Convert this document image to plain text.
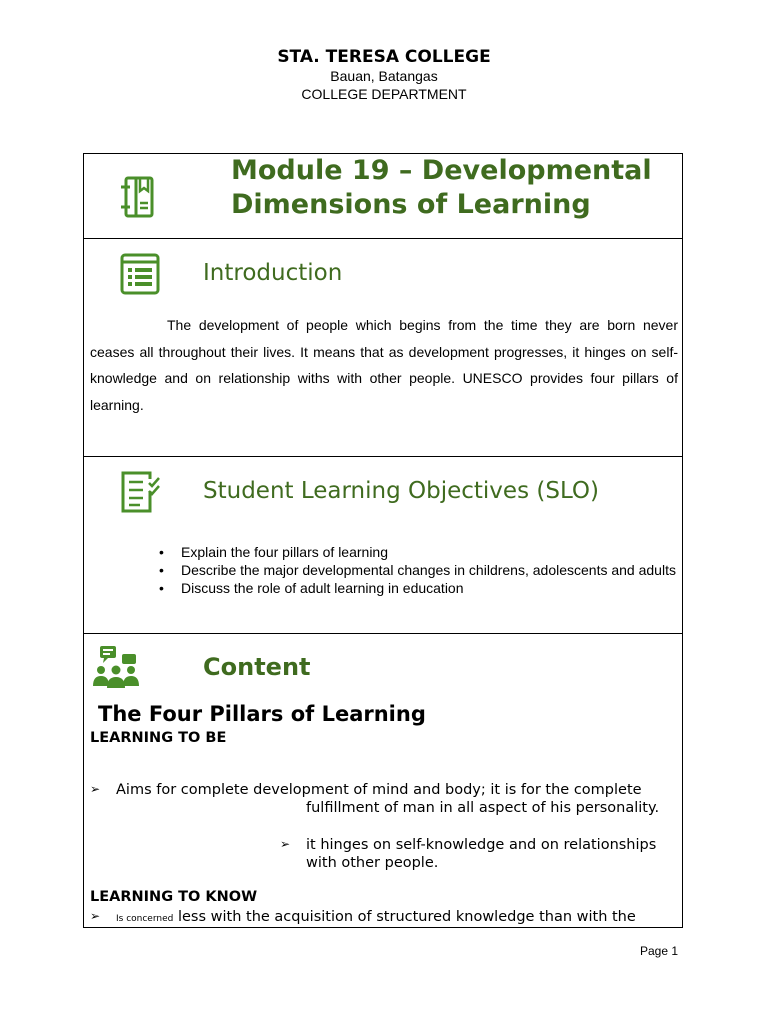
STA. TERESA COLLEGE
Bauan, Batangas
COLLEGE DEPARTMENT
Module 19 – Developmental
Dimensions of Learning
Introduction
The development of people which begins from the time they are born never ceases all throughout their lives. It means that as development progresses, it hinges on self-knowledge and on relationship withs with other people. UNESCO provides four pillars of learning.
Student Learning Objectives (SLO)
• Explain the four pillars of learning
• Describe the major developmental changes in childrens, adolescents and adults
• Discuss the role of adult learning in education
Content
The Four Pillars of Learning
LEARNING TO BE
➢ Aims for complete development of mind and body; it is for the complete
fulfillment of man in all aspect of his personality.
➢ it hinges on self-knowledge and on relationships
with other people.
LEARNING TO KNOW
➢ Is concerned less with the acquisition of structured knowledge than with the
Page 1
